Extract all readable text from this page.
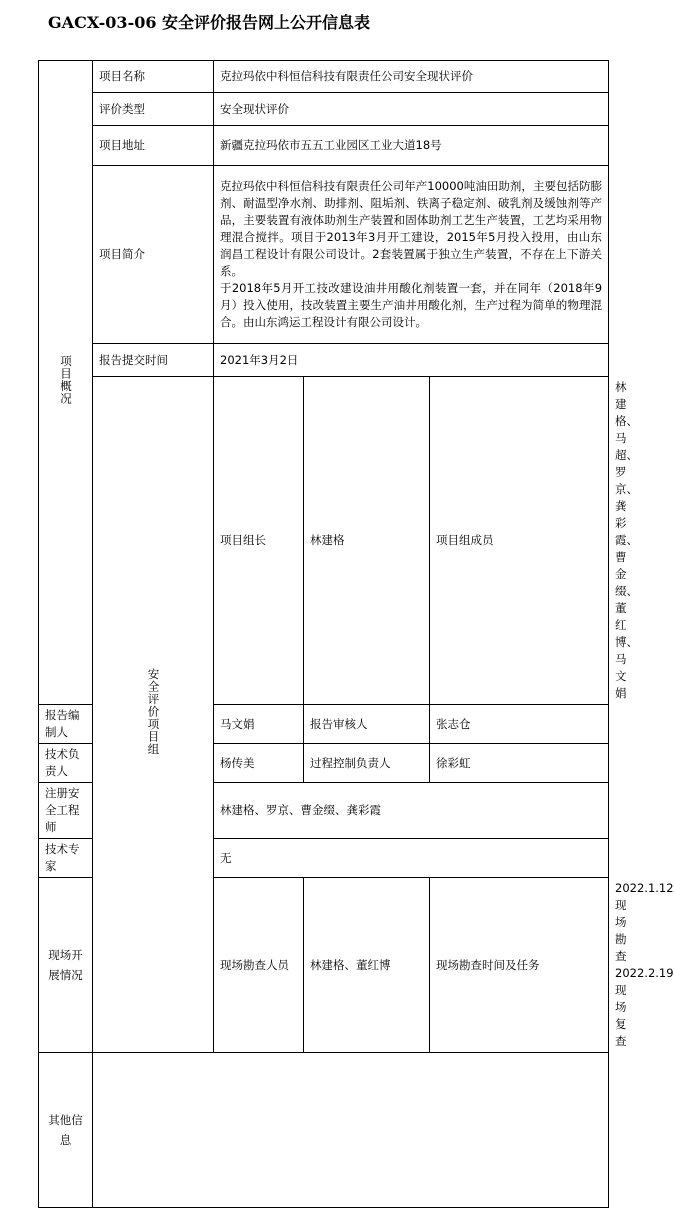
GACX-03-06 安全评价报告网上公开信息表
项目概况	项目名称	克拉玛依中科恒信科技有限责任公司安全现状评价			
	评价类型	安全现状评价			
	项目地址	新疆克拉玛依市五五工业园区工业大道18号			
	项目简介	克拉玛依中科恒信科技有限责任公司年产10000吨油田助剂，主要包括防膨剂、耐温型净水剂、助排剂、阻垢剂、铁离子稳定剂、破乳剂及缓蚀剂等产品，主要装置有液体助剂生产装置和固体助剂工艺生产装置，工艺均采用物理混合搅拌。项目于2013年3月开工建设，2015年5月投入投用，由山东润昌工程设计有限公司设计。2套装置属于独立生产装置，不存在上下游关系。
于2018年5月开工技改建设油井用酸化剂装置一套，并在同年（2018年9月）投入使用，技改装置主要生产油井用酸化剂，生产过程为简单的物理混合。由山东鸿运工程设计有限公司设计。			

	报告提交时间	2021年3月2日			
	安全评价项目组	项目组长	林建格	项目组成员	林建格、马超、罗京、龚彩霞、曹金缀、董红博、马文娟
报告编制人		马文娟	报告审核人	张志仓	
技术负责人		杨传美	过程控制负责人	徐彩虹	
注册安全工程师		林建格、罗京、曹金缀、龚彩霞			
技术专家		无			
现场开展情况		现场勘查人员	林建格、董红博	现场勘查时间及任务	2022.1.12现场勘查
2022.2.19现场复查

其他信息					
